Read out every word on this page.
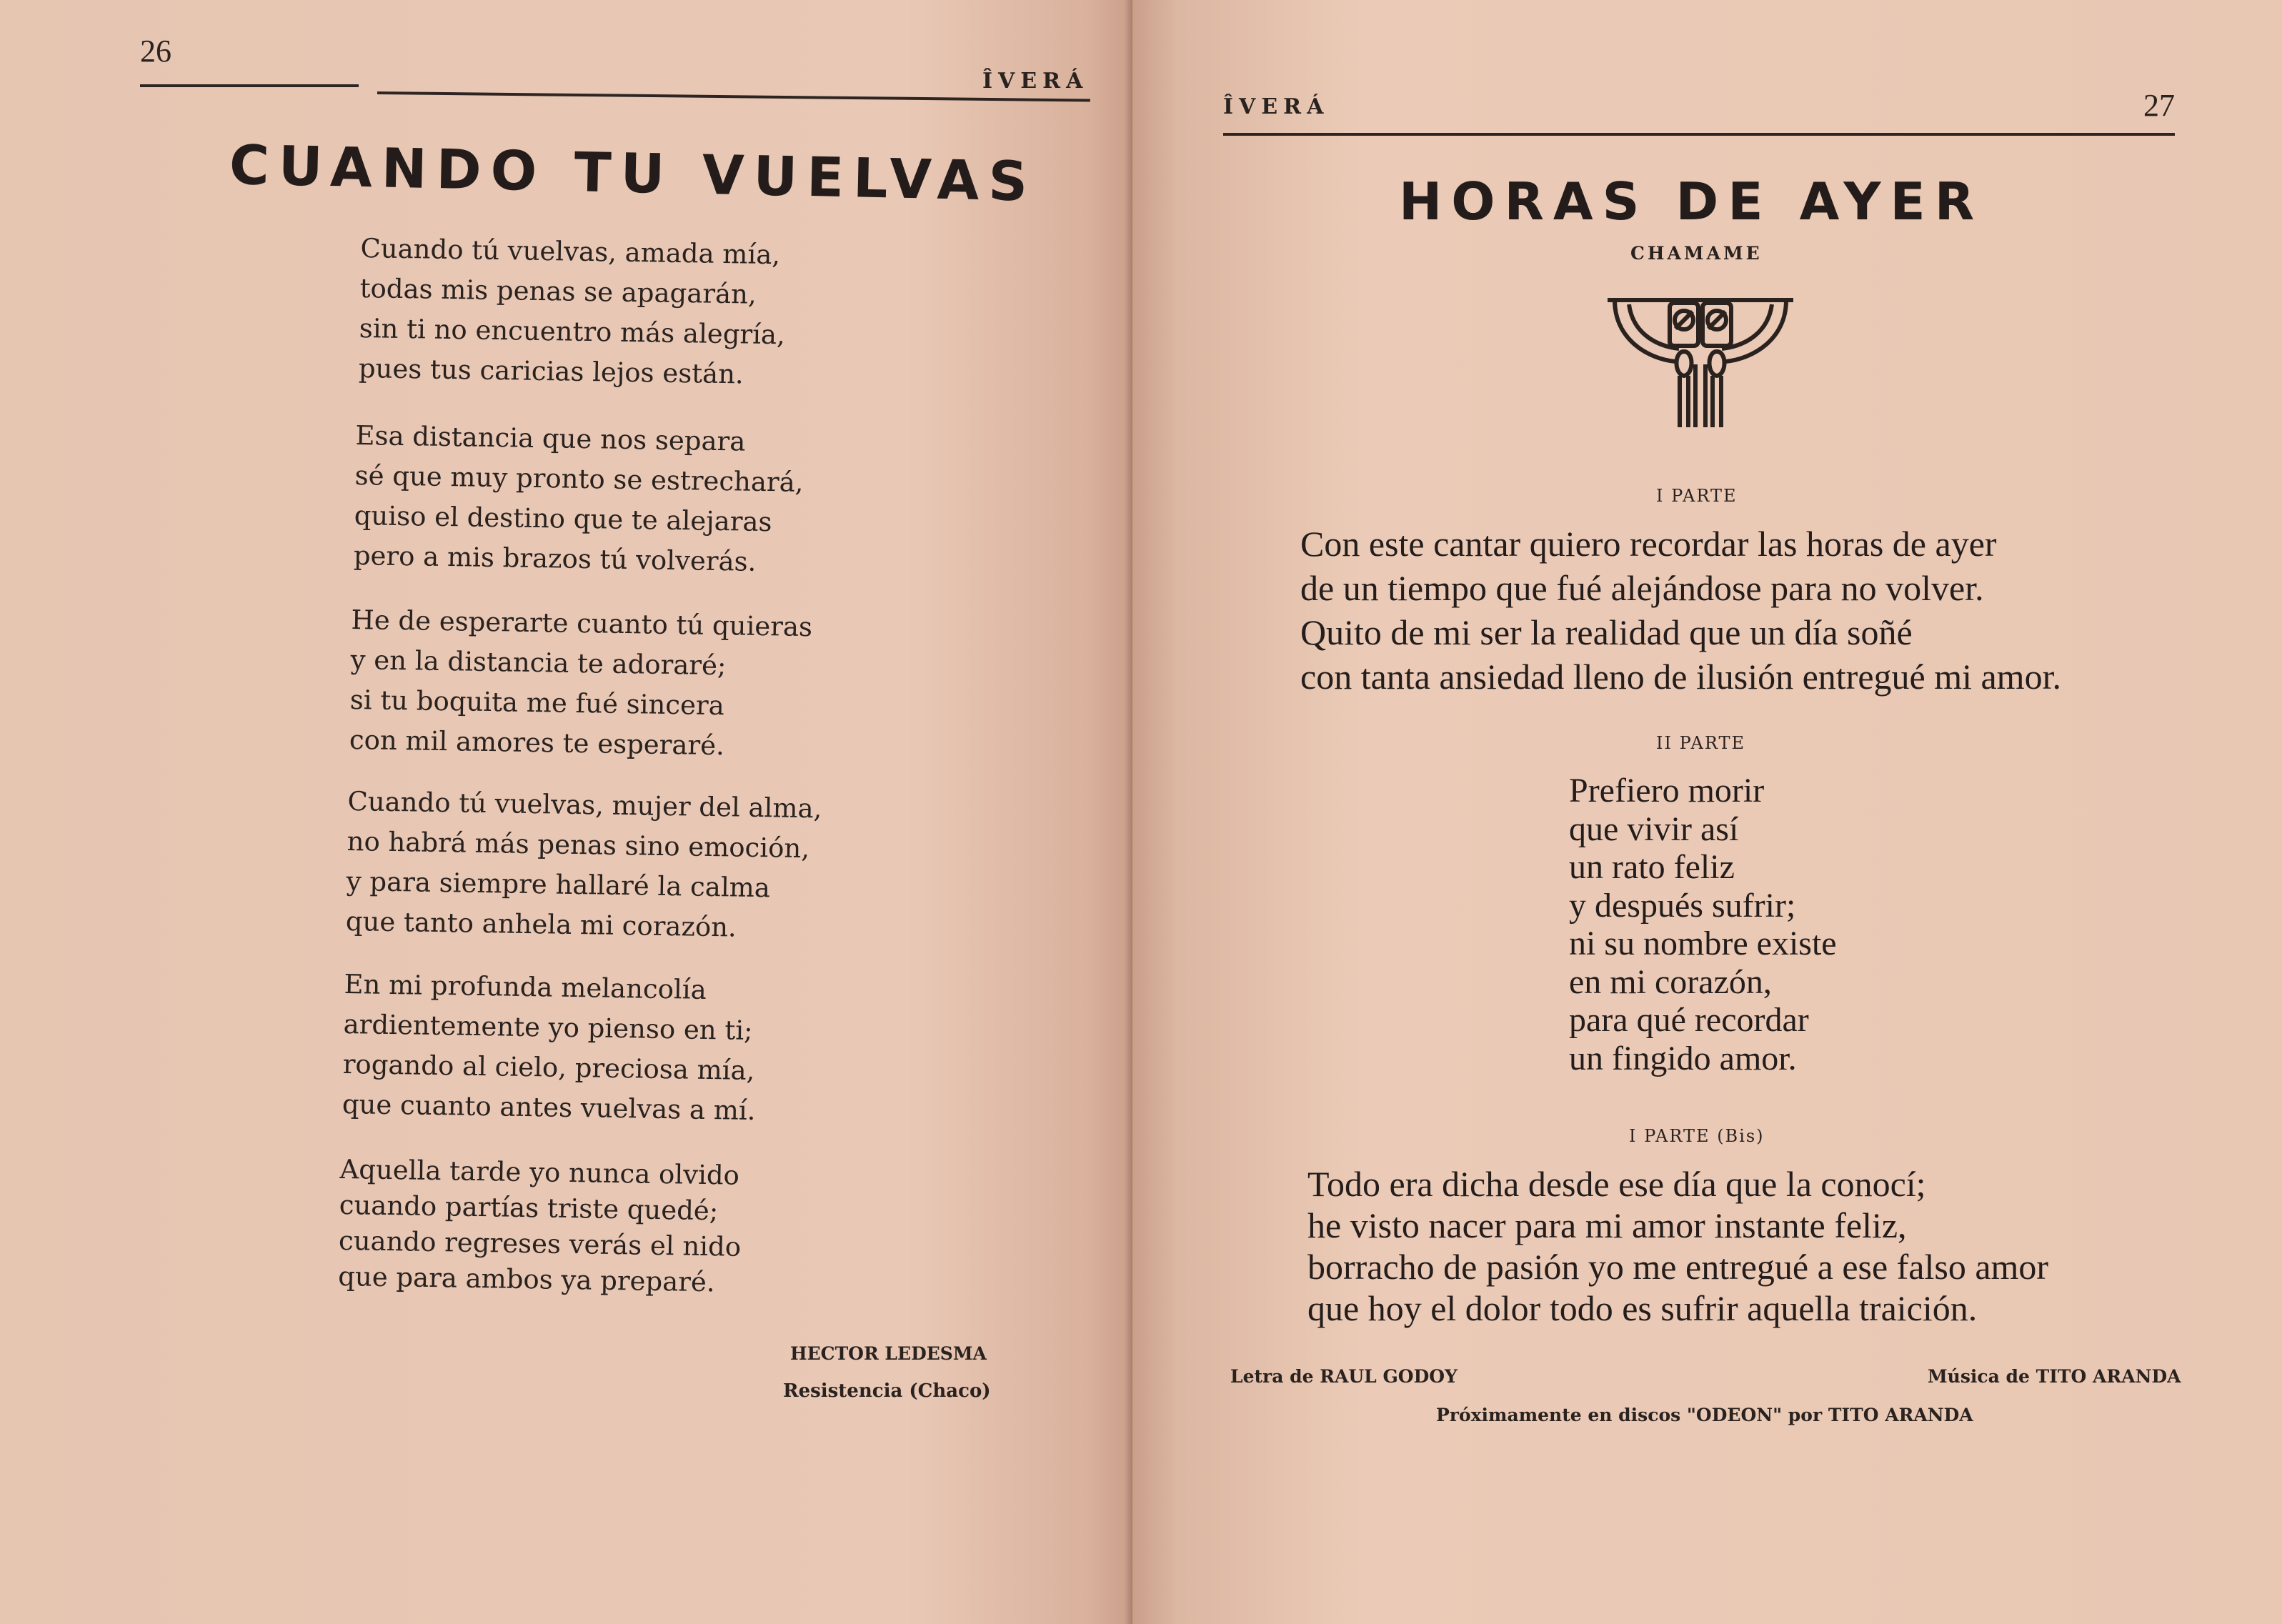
26
ÎVERÁ
CUANDO TU VUELVAS
Cuando tú vuelvas, amada mía,
todas mis penas se apagarán,
sin ti no encuentro más alegría,
pues tus caricias lejos están.
Esa distancia que nos separa
sé que muy pronto se estrechará,
quiso el destino que te alejaras
pero a mis brazos tú volverás.
He de esperarte cuanto tú quieras
y en la distancia te adoraré;
si tu boquita me fué sincera
con mil amores te esperaré.
Cuando tú vuelvas, mujer del alma,
no habrá más penas sino emoción,
y para siempre hallaré la calma
que tanto anhela mi corazón.
En mi profunda melancolía
ardientemente yo pienso en ti;
rogando al cielo, preciosa mía,
que cuanto antes vuelvas a mí.
Aquella tarde yo nunca olvido
cuando partías triste quedé;
cuando regreses verás el nido
que para ambos ya preparé.
HECTOR LEDESMA
Resistencia (Chaco)
ÎVERÁ	27
HORAS DE AYER
CHAMAME
I PARTE
Con este cantar quiero recordar las horas de ayer
de un tiempo que fué alejándose para no volver.
Quito de mi ser la realidad que un día soñé
con tanta ansiedad lleno de ilusión entregué mi amor.
II PARTE
Prefiero morir
que vivir así
un rato feliz
y después sufrir;
ni su nombre existe
en mi corazón,
para qué recordar
un fingido amor.
I PARTE (Bis)
Todo era dicha desde ese día que la conocí;
he visto nacer para mi amor instante feliz,
borracho de pasión yo me entregué a ese falso amor
que hoy el dolor todo es sufrir aquella traición.
Letra de RAUL GODOY	Música de TITO ARANDA
Próximamente en discos "ODEON" por TITO ARANDA
